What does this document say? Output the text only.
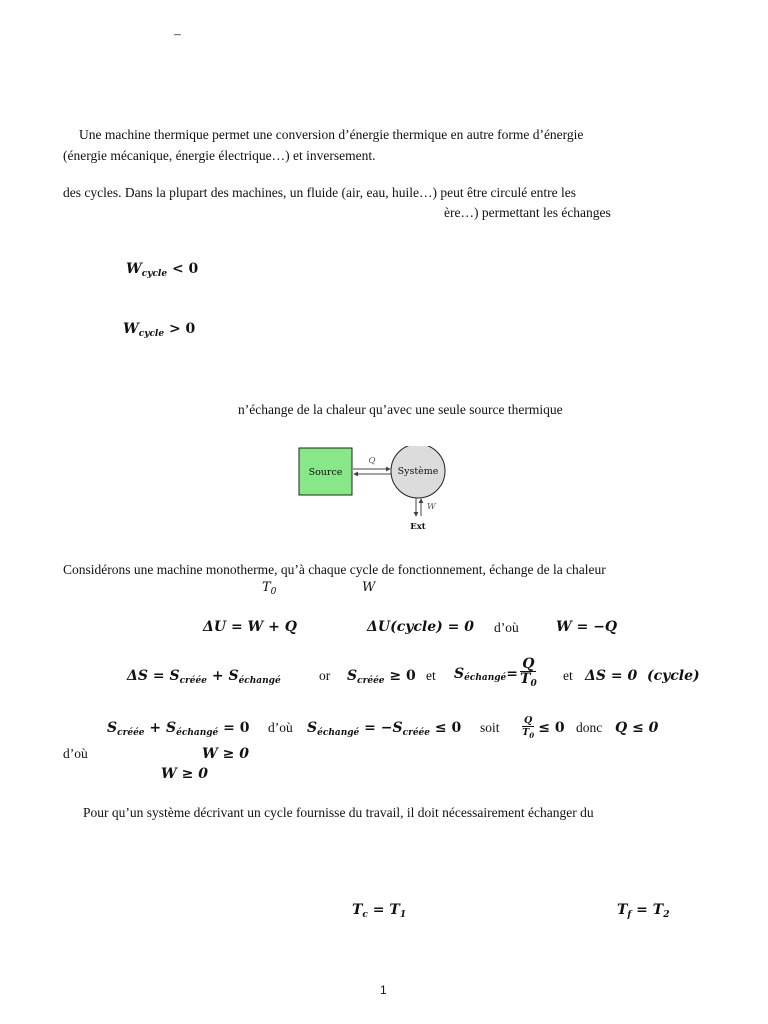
–
Une machine thermique permet une conversion d’énergie thermique en autre forme d’énergie
(énergie mécanique, énergie électrique…) et inversement.
des cycles. Dans la plupart des machines, un fluide (air, eau, huile…) peut être circulé entre les
ère…) permettant les échanges
$W_{cycle} < 0$
$W_{cycle} > 0$
n’échange de la chaleur qu’avec une seule source thermique
Source
Q
Système
W
Ext
Considérons une machine monotherme, qu’à chaque cycle de fonctionnement, échange de la chaleur
$T_0$	W
ΔU = W + Q	ΔU(cycle) = 0 d’où	W = −Q
$\Delta S = S_{créée} + S_{échangé}$	or $S_{créée} \ge 0$ et S échangé = $\frac{Q}{T_0}$ et ΔS = 0 (cycle)
$S_{créée} + S_{échangé} = 0$ d’où $S_{échangé} = -S_{créée} \le 0$ soit $\frac{Q}{T_0} \le 0$ donc Q ≤ 0
d’où	W ≥ 0
W ≥ 0
Pour qu’un système décrivant un cycle fournisse du travail, il doit nécessairement échanger du
$T_c = T_1$	$T_f = T_2$
1
